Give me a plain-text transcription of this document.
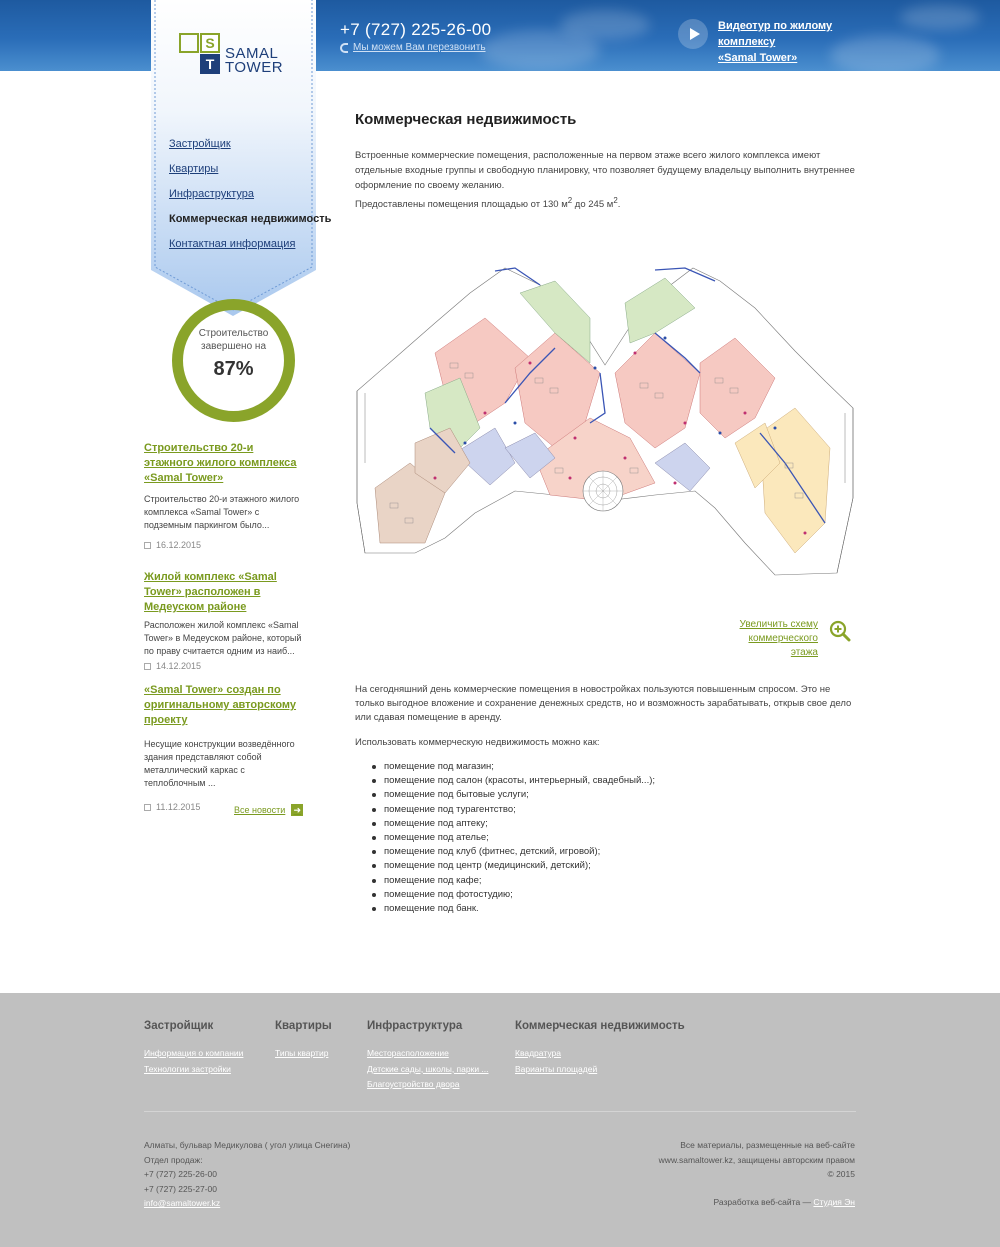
+7 (727) 225-26-00
Мы можем Вам перезвонить
Видеотур по жилому комплексу
«Samal Tower»
S
T
SAMAL
TOWER
Застройщик
Квартиры
Инфраструктура
Коммерческая недвижимость
Контактная информация
Строительство
завершено на
87%
Строительство 20-и этажного жилого комплекса «Samal Tower»
Строительство 20-и этажного жилого комплекса «Samal Tower» с подземным паркингом было...
16.12.2015
Жилой комплекс «Samal Tower» расположен в Медеуском районе
Расположен жилой комплекс «Samal Tower» в Медеуском районе, который по праву считается одним из наиб...
14.12.2015
«Samal Tower» создан по оригинальному авторскому проекту
Несущие конструкции возведённого здания представляют собой металлический каркас с теплоблочным ...
11.12.2015	Все новости ➜
Коммерческая недвижимость
Встроенные коммерческие помещения, расположенные на первом этаже всего жилого комплекса имеют отдельные входные группы и свободную планировку, что позволяет будущему владельцу выполнить внутреннее оформление по своему желанию.
Предоставлены помещения площадью от 130 $м^2$ до 245 $м^2$.
Увеличить схему коммерческого этажа

На сегодняшний день коммерческие помещения в новостройках пользуются повышенным спросом. Это не только выгодное вложение и сохранение денежных средств, но и возможность зарабатывать, открыв свое дело или сдавая помещение в аренду.

Использовать коммерческую недвижимость можно как:

помещение под магазин;
помещение под салон (красоты, интерьерный, свадебный...);
помещение под бытовые услуги;
помещение под турагентство;
помещение под аптеку;
помещение под ателье;
помещение под клуб (фитнес, детский, игровой);
помещение под центр (медицинский, детский);
помещение под кафе;
помещение под фотостудию;
помещение под банк.
Застройщик
Информация о компании
Технологии застройки
Квартиры
Типы квартир
Инфраструктура
Месторасположение
Детские сады, школы, парки ...
Благоустройство двора
Коммерческая недвижимость
Квадратура
Варианты площадей
Алматы, бульвар Медикулова ( угол улица Снегина)
Отдел продаж:
+7 (727) 225-26-00
+7 (727) 225-27-00
info@samaltower.kz
Все материалы, размещенные на веб-сайте
www.samaltower.kz, защищены авторским правом
© 2015
Разработка веб-сайта — Студия Эн
